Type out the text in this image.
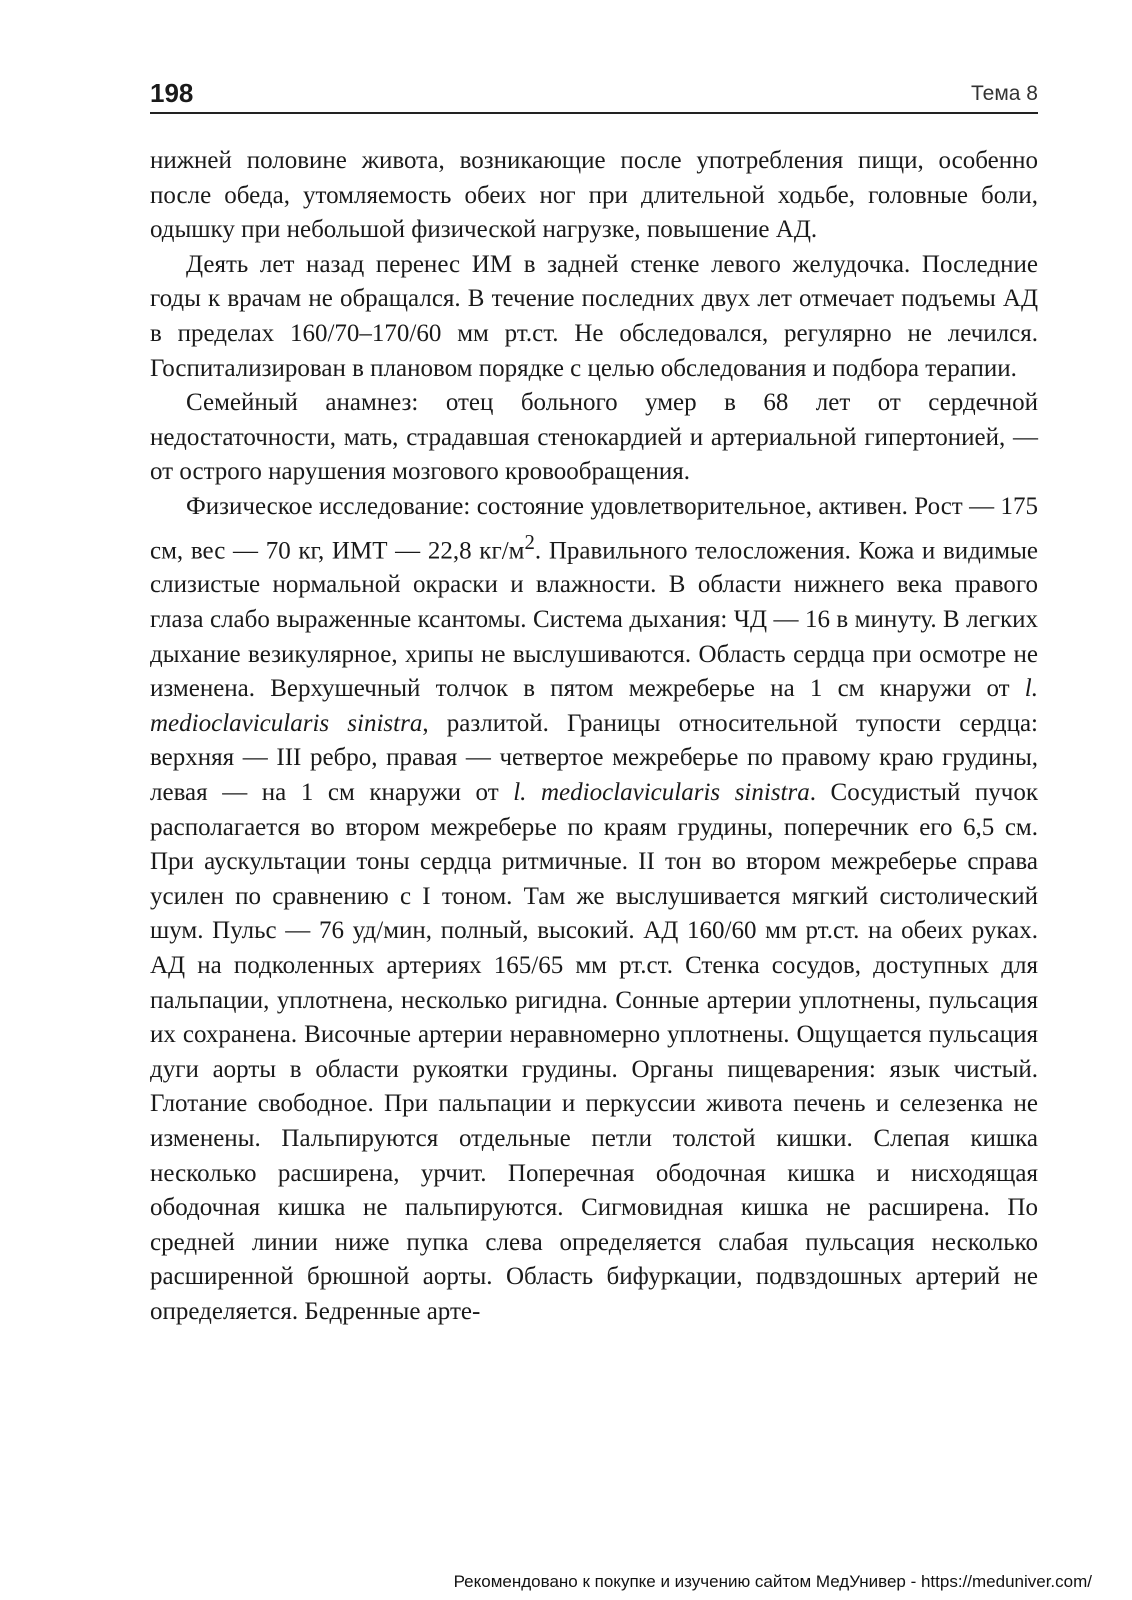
198	Тема 8

нижней половине живота, возникающие после употребления пищи, особенно после обеда, утомляемость обеих ног при длительной ходьбе, головные боли, одышку при небольшой физической нагрузке, повышение АД.

Деять лет назад перенес ИМ в задней стенке левого желудочка. Последние годы к врачам не обращался. В течение последних двух лет отмечает подъемы АД в пределах 160/70–170/60 мм рт.ст. Не обследовался, регулярно не лечился. Госпитализирован в плановом порядке с целью обследования и подбора терапии.

Семейный анамнез: отец больного умер в 68 лет от сердечной недостаточности, мать, страдавшая стенокардией и артериальной гипертонией, — от острого нарушения мозгового кровообращения.

Физическое исследование: состояние удовлетворительное, активен. Рост — 175 см, вес — 70 кг, ИМТ — 22,8 $кг/м^2$. Правильного телосложения. Кожа и видимые слизистые нормальной окраски и влажности. В области нижнего века правого глаза слабо выраженные ксантомы. Система дыхания: ЧД — 16 в минуту. В легких дыхание везикулярное, хрипы не выслушиваются. Область сердца при осмотре не изменена. Верхушечный толчок в пятом межреберье на 1 см кнаружи от l. medioclavicularis sinistra, разлитой. Границы относительной тупости сердца: верхняя — III ребро, правая — четвертое межреберье по правому краю грудины, левая — на 1 см кнаружи от l. medioclavicularis sinistra. Сосудистый пучок располагается во втором межреберье по краям грудины, поперечник его 6,5 см. При аускультации тоны сердца ритмичные. II тон во втором межреберье справа усилен по сравнению с I тоном. Там же выслушивается мягкий систолический шум. Пульс — 76 уд/мин, полный, высокий. АД 160/60 мм рт.ст. на обеих руках. АД на подколенных артериях 165/65 мм рт.ст. Стенка сосудов, доступных для пальпации, уплотнена, несколько ригидна. Сонные артерии уплотнены, пульсация их сохранена. Височные артерии неравномерно уплотнены. Ощущается пульсация дуги аорты в области рукоятки грудины. Органы пищеварения: язык чистый. Глотание свободное. При пальпации и перкуссии живота печень и селезенка не изменены. Пальпируются отдельные петли толстой кишки. Слепая кишка несколько расширена, урчит. Поперечная ободочная кишка и нисходящая ободочная кишка не пальпируются. Сигмовидная кишка не расширена. По средней линии ниже пупка слева определяется слабая пульсация несколько расширенной брюшной аорты. Область бифуркации, подвздошных артерий не определяется. Бедренные арте-

Рекомендовано к покупке и изучению сайтом МедУнивер - https://meduniver.com/
